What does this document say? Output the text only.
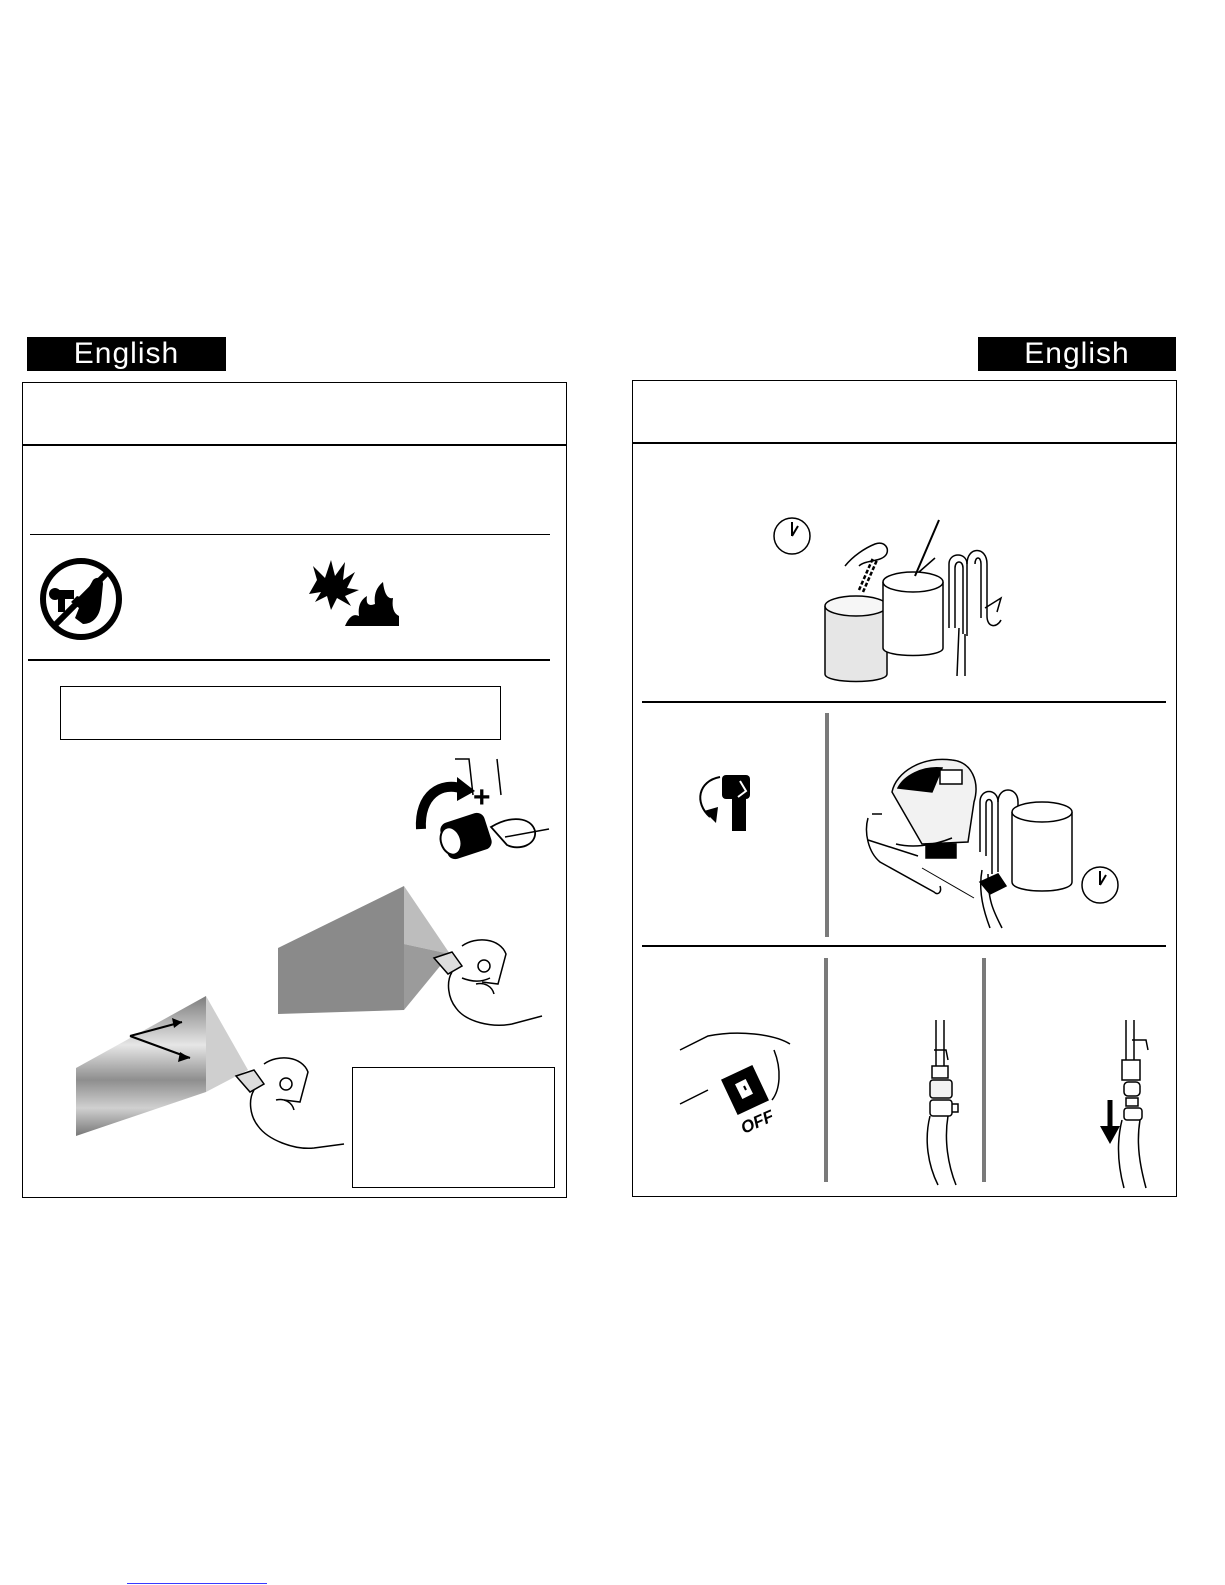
English
+
English
OFF
